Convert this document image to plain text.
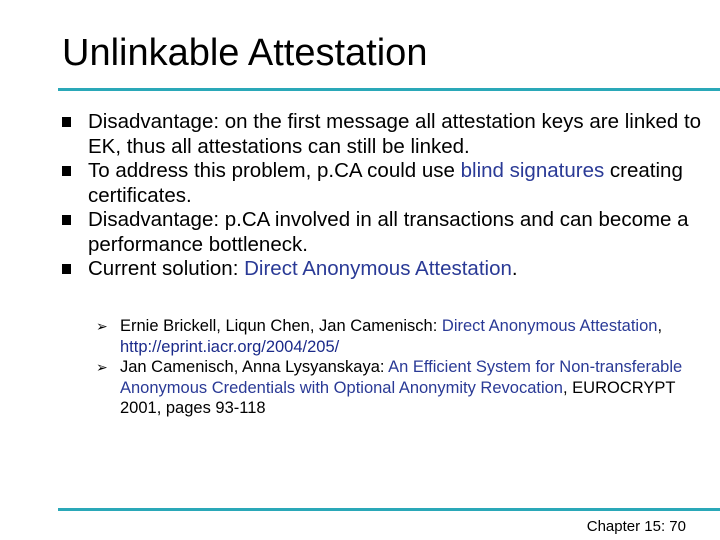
Unlinkable Attestation
Disadvantage: on the first message all attestation keys are linked to EK, thus all attestations can still be linked.
To address this problem, p.CA could use blind signatures creating certificates.
Disadvantage: p.CA involved in all transactions and can become a performance bottleneck.
Current solution: Direct Anonymous Attestation.
➢ Ernie Brickell, Liqun Chen, Jan Camenisch: Direct Anonymous Attestation, http://eprint.iacr.org/2004/205/
➢ Jan Camenisch, Anna Lysyanskaya: An Efficient System for Non-transferable Anonymous Credentials with Optional Anonymity Revocation, EUROCRYPT 2001, pages 93-118
Chapter 15: 70
